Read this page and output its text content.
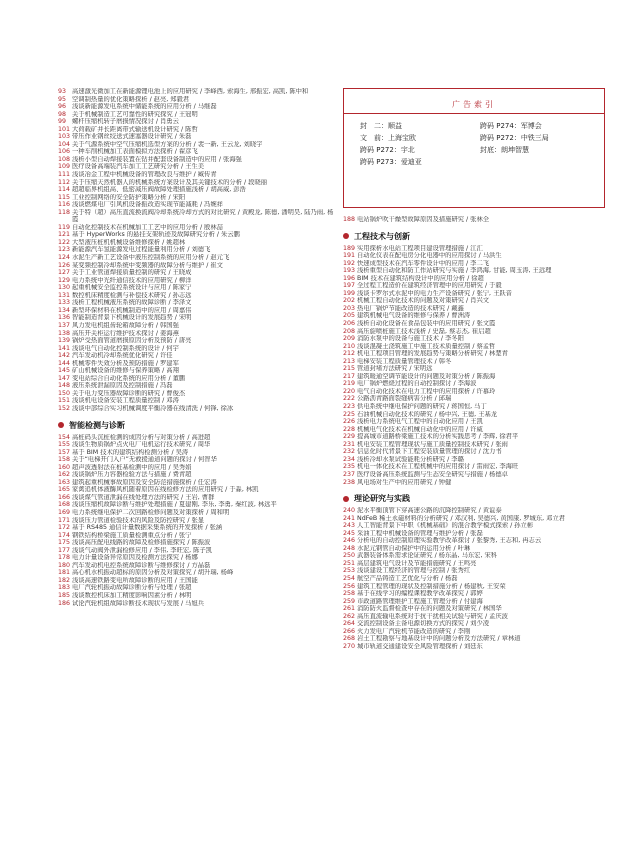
93 高速激光微加工在新能源锂电池上的应用研究 / 李峰西, 索海生, 邢振宏, 高凯, 陈中和
95 空调制热量的优化策略探析 / 赵亮, 郑毅君
96 浅谈新能源发电系统中储能系统的应用分析 / 马继磊
98 关于机械制造工艺可靠性的研究探究 / 王冠明
99 螺杆压缩机转子磨损情况探讨 / 肖勇云
101 大荷载矿井长距离带式输送机设计研究 / 陈哲
103 带压作业钢丝绞送式速塞器设计研究 / 朱磊
104 关于气源系统中空气压缩机选型方案的分析 / 裴一新, 王云龙, 刘晓宇
106 一种车削机械加工表面模拟方法探析 / 翟彦飞
108 浅析小型自动焊接装置在钻井配套设备制造中的应用 / 张海强
109 医疗设备高端装汽车加工工艺研究分析 / 王生美
111 浅谈冶金工程中机械设备的管理改良与维护 / 臧传青
112 关于压缩天然机器人的机械系统方案设计及其关键技术的分析 / 段晓丽
114 超超临界机组高、低密减压阀故障处理措施浅析 / 胡高威, 彭浩
115 工业控制网络的安全防护策略分析 / 宋阳
116 浅谈燃煤电厂引风机设备振改造实现节能减耗 / 冯婉祥
118 关于特（超）高压直流换流阀冷却系统冷却方式的对比研究 / 黄殿龙, 陈德, 潘明昊, 陆乃雨, 杨霞
119 自动化控制技术在机械加工工艺中的应用分析 / 殷林喆
121 基于 HyperWorks 的悬挂支架轨迹及故障研究分析 / 朱云鹏
122 大型液压桩机机械设备维修探析 / 姚超林
123 新能源汽车氢能源发电过程能量利用分析 / 刘德飞
124 水泥生产新工艺设备中液压控制系统的应用分析 / 赵元飞
126 某变频控制冷却系统中变频器的故障分析与维护 / 崔文
127 关于工业管道焊接质量控制的研究 / 王晓成
129 电力系统中光纤通信技术的应用研究 / 柳洋
130 起重机械安全监控系统设计与应用 / 陈家宁
131 数控机床精度检测与补偿技术研究 / 孙志远
133 浅析工程机械液压系统的故障诊断 / 李泽文
134 新型环保材料在机械制造中的应用 / 周嘉伟
136 智能制造背景下机械设计的发展趋势 / 宋明
137 风力发电机组齿轮箱故障分析 / 韩国强
138 高压开关柜运行维护技术探讨 / 姜海燕
139 锅炉受热面管道磨损原因分析及预防 / 唐亮
141 浅谈电气自动化控制系统的设计 / 何宇
142 汽车发动机冷却系统优化研究 / 许佳
144 机械零件失效分析及预防措施 / 罗建军
145 矿山机械设备的维修与保养策略 / 高翔
147 变电站综合自动化系统的应用分析 / 董鹏
148 液压系统泄漏原因及控制措施 / 冯磊
150 关于电力变压器故障诊断的研究 / 曹俊杰
151 浅谈机电设备安装工程质量控制 / 邓涛
152 浅谈中部综合实习机械调度平衡冷器在线清洗 / 何锋, 徐冰
智能检测与诊断
154 高桩码头沉桩检测的成因分析与对策分析 / 高进超
155 浅谈生物质锅炉点火电厂电机运行技术研究 / 周华
157 基于 BIM 技术的建筑结构检测分析 / 吴涛
158 关于“电梯开门入户”无救援通道问题的探讨 / 何智华
160 超声波透射法在桩基检测中的应用 / 吴秀娟
162 浅谈锅炉压力容器检验方法与措施 / 费青超
163 建筑起重机械事故原因及安全防范措施探析 / 任宏涛
165 家禽追机体液酶风机随着原因在线检修方法的应用研究 / 于淼, 林凯
166 浅谈煤气管道泄漏在线处理方法的研究 / 王岩, 曹群
168 浅谈压缩机故障诊断与维护处理措施 / 夏建刚, 李乐, 李勇, 秦红波, 林远平
169 电力系统继电保护二次回路检修问题及对策探析 / 周和明
171 浅谈压力管道检验技术的风险及防控研究 / 张显
172 基于 RS485 通信计量数据采集系统的开发探析 / 张涵
174 钢铁结构桥梁施工质量检测重点分析 / 张宁
175 浅谈高压配电线路的故障及检修措施探究 / 陈振波
177 浅谈气动阀外泄漏检修应用 / 李伟, 李旺宏, 陈子凯
178 电力计量设备异常原因及检测方法探究 / 杨娜
180 汽车发动机电控系统故障诊断与维修探讨 / 方晶磊
181 高心机水机振动超标的原因分析及对策探究 / 胡升瑞, 杨峰
182 浅谈高速铁路变电所故障诊断的应用 / 王国能
183 电厂汽轮机振动故障诊断分析与处理 / 张超
185 浅谈数控机床加工精度影响因素分析 / 林明
186 试论汽轮机组故障诊断技术现状与发展 / 马旭兵
广告索引
封　二： 顺益	跨码 P274： 军博会
文　前： 上海宝欧	跨码 P272： 中铁三局
跨码 P272： 宇北	封底： 朗坤智慧
跨码 P273： 爱迪亚
188 电站锅炉吹干燥型故障原因及措施研究 / 张林全
工程技术与创新
189 实用探析水电站工程项目建设管理措施 / 江汇
191 自动化仪表在配电房分化电器中的应用探讨 / 马洪生
192 快速成型技术在汽车零件设计中的应用 / 李二飞
193 浅析重型自动化和防工作站研究与实施 / 李鸿海, 甘能, 周玉涛, 王远理
196 BIM 技术在建筑结构设计中的应用分析 / 徐超
197 全过程工程造价在建筑经济管理中的应用研究 / 于毅
199 浅谈卡罗尔式水泥中的电力生产设备研究 / 张宁, 王跃音
202 机械工程自动化技术的问题及对策研究 / 肖兴文
203 热电厂锅炉节能改造的技术研究 / 戴鑫
205 建筑机械电气设备的维修与保养 / 曹洲涛
206 浅析自动化设备在食品包装中的应用研究 / 张文霞
208 高压旋喷桩施工技术浅析 / 史磊, 蔡志杰, 崔启超
209 消防水泵中的设备与施工技术 / 李冬阳
210 浅谈混凝土浇筑施工中施工技术质量控制 / 蔡孟哲
212 机电工程项目管理的发展趋势与策略分析研究 / 林楚青
213 电梯安装工程质量管理技术 / 韩冬
215 管道封堵方法研究 / 宋明远
217 建筑暖通空调节能设计的问题及对策分析 / 陈振海
219 电厂锅炉燃烧过程的自动控制探讨 / 李海波
220 电气自动化技术在电力工程中的应用探析 / 许慕玲
222 公路沥青路面裂缝病害分析 / 邱瑞
223 供电系统中继电保护问题的研究 / 蒋国恒, 马丁
225 石油机械自动化技术的研究 / 杨中兴, 王德, 王基龙
226 浅析电力系统电气工程中的自动化应用 / 王凯
228 机械电气化技术在机械自动化中的应用 / 许威
229 提高城市道路桥梁施工技术的分析实践思考 / 李辉, 徐君平
231 机电安装工程管理现状与施工质量控制技术研究 / 张雨
232 信息化时代背景下工程安装质量管理的探讨 / 沈力书
234 浅析冷却水泵试验能耗分析研究 / 李璐
235 机电一体化技术在工程机械中的应用探讨 / 雷雨宏, 李海旺
237 医疗设备高压系统监测与生态安全研究与措施 / 杨德卓
238 风电场对生产中的应用研究 / 钟健
理论研究与实践
240 泥水平衡顶管下穿高速公路的沉降控制研究 / 黄谊泰
241 NdFeB 稀土永磁材料的分析研究 / 邓汉利, 吴德兴, 黄国康, 罗城东, 邓立君
243 人工智能背景下中职《机械基础》的混合教学模式探索 / 孙立彬
245 采油工程中机械设备的管理与维护分析 / 张磊
246 分析电的自动控制原理实验教学改革探讨 / 张黎秀, 王志和, 冉志云
248 水泥元钢管自动保护中的运用分析 / 叶琳
250 武器装备体系需求论证研究 / 杨东晶, 马东宏, 宋科
251 高层建筑电气设计及节能措施研究 / 王鸣亮
253 浅谈建设工程经济的管理与控制 / 张秀红
254 航空产品铸造工艺优化与分析 / 杨磊
256 建筑工程管理的现状及控制措施分析 / 杨建秋, 王安荣
258 基于在线学习的编程课程教学改革探究 / 郭婷
259 市政道路管理维护工程施工管理分析 / 付建海
261 消防防火监督检查中存在的问题及对策研究 / 林国华
262 高压直流输电系统对于抗干扰相关试验与研究 / 孟庆波
264 交流控制设备主备电源切换方式的探究 / 刘少凌
266 火力发电厂汽轮机节能改造的研究 / 李刚
268 岩土工程勘察与地基设计中的问题分析及方法研究 / 章林道
270 城市轨道交通建设安全风险管理探析 / 刘廷东
